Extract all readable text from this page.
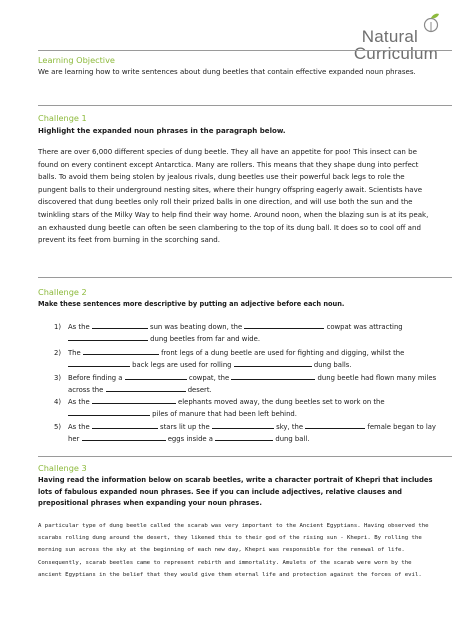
Natural
Curriculum
Learning Objective
We are learning how to write sentences about dung beetles that contain effective expanded noun phrases.
Challenge 1
Highlight the expanded noun phrases in the paragraph below.
There are over 6,000 different species of dung beetle. They all have an appetite for poo! This insect can be found on every continent except Antarctica. Many are rollers. This means that they shape dung into perfect balls. To avoid them being stolen by jealous rivals, dung beetles use their powerful back legs to role the pungent balls to their underground nesting sites, where their hungry offspring eagerly await. Scientists have discovered that dung beetles only roll their prized balls in one direction, and will use both the sun and the twinkling stars of the Milky Way to help find their way home. Around noon, when the blazing sun is at its peak, an exhausted dung beetle can often be seen clambering to the top of its dung ball. It does so to cool off and prevent its feet from burning in the scorching sand.
Challenge 2
Make these sentences more descriptive by putting an adjective before each noun.
1) As the	sun was beating down, the	cowpat was attracting  dung beetles from far and wide.
2) The	front legs of a dung beetle are used for fighting and digging, whilst the  back legs are used for rolling	dung balls.
3) Before finding a	cowpat, the	dung beetle had flown many miles across the	desert.
4) As the	elephants moved away, the dung beetles set to work on the  piles of manure that had been left behind.
5) As the	stars lit up the	sky, the	female began to lay her	eggs inside a	dung ball.
Challenge 3
Having read the information below on scarab beetles, write a character portrait of Khepri that includes lots of fabulous expanded noun phrases. See if you can include adjectives, relative clauses and prepositional phrases when expanding your noun phrases.
A particular type of dung beetle called the scarab was very important to the Ancient Egyptians. Having observed the scarabs rolling dung around the desert, they likened this to their god of the rising sun - Khepri. By rolling the morning sun across the sky at the beginning of each new day, Khepri was responsible for the renewal of life. Consequently, scarab beetles came to represent rebirth and immortality. Amulets of the scarab were worn by the ancient Egyptians in the belief that they would give them eternal life and protection against the forces of evil.
